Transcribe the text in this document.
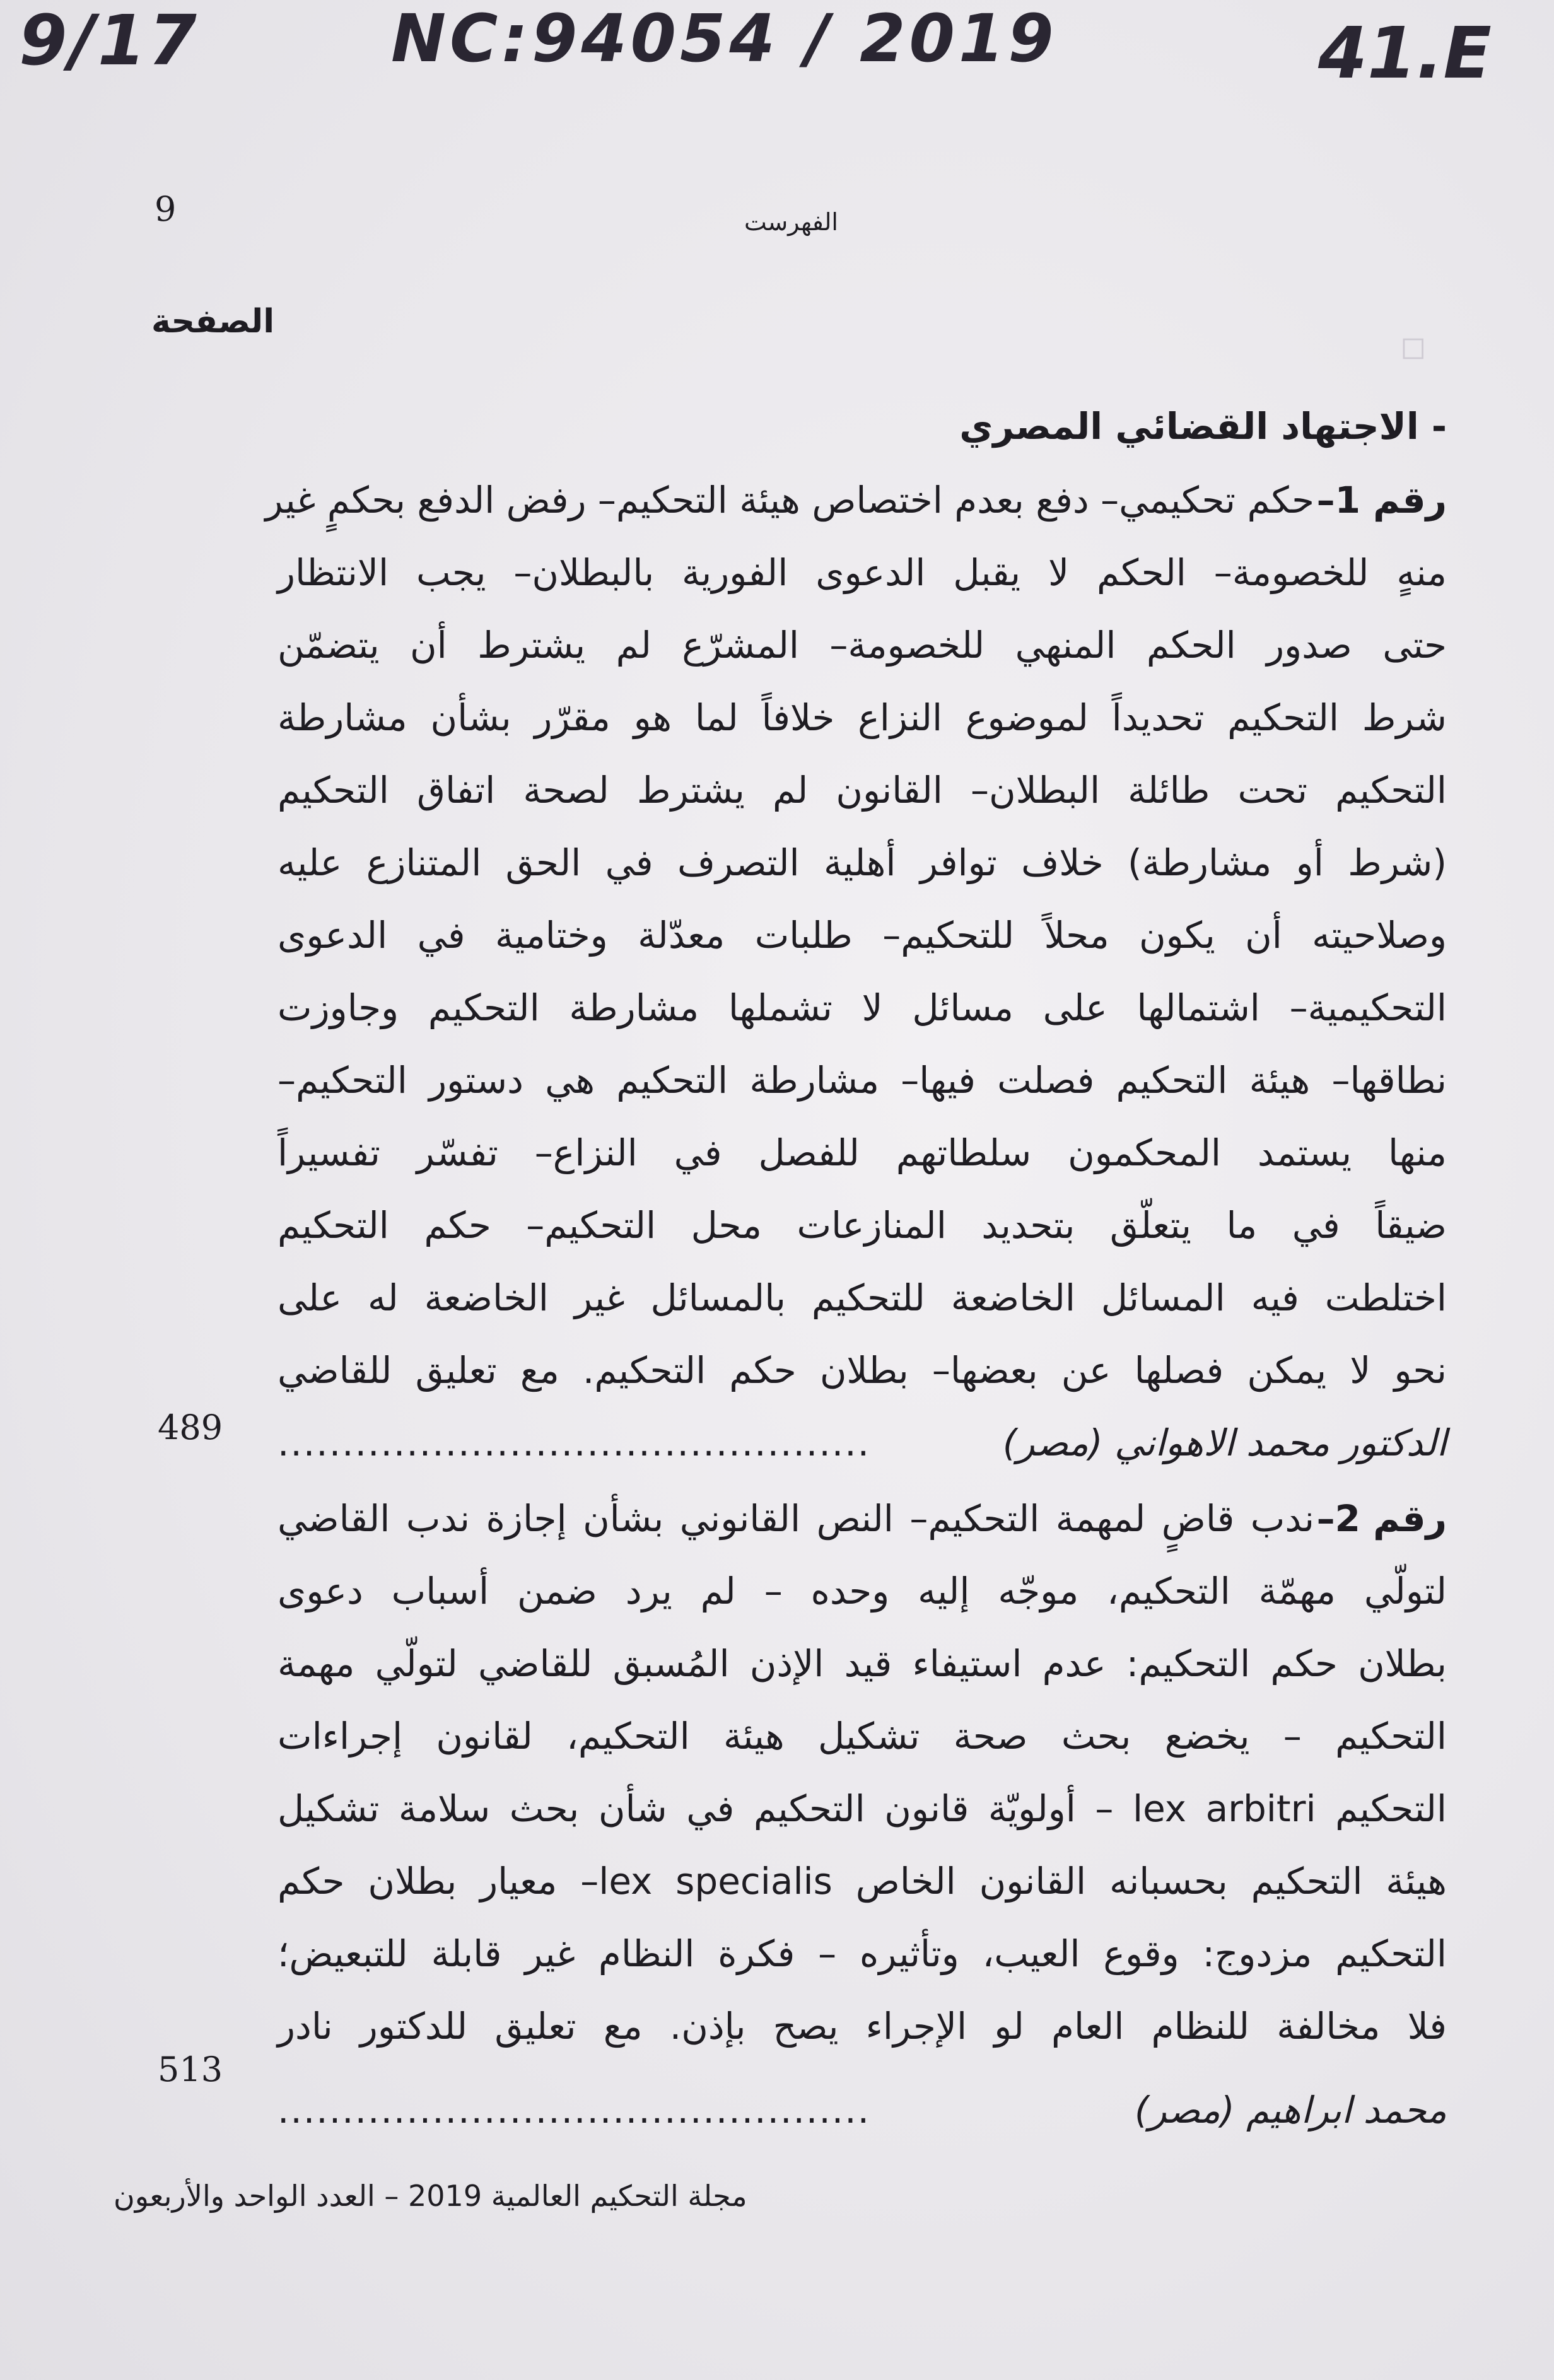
◻
9/17	NC:94054 / 2019	41.E
9	الفهرست
الصفحة
- الاجتهاد القضائي المصري
رقم 1–
حكم تحكيمي– دفع بعدم اختصاص هيئة التحكيم– رفض الدفع بحكمٍ غير
منهٍ للخصومة– الحكم لا يقبل الدعوى الفورية بالبطلان– يجب الانتظار
حتى صدور الحكم المنهي للخصومة– المشرّع لم يشترط أن يتضمّن
شرط التحكيم تحديداً لموضوع النزاع خلافاً لما هو مقرّر بشأن مشارطة
التحكيم تحت طائلة البطلان– القانون لم يشترط لصحة اتفاق التحكيم
(شرط أو مشارطة) خلاف توافر أهلية التصرف في الحق المتنازع عليه
وصلاحيته أن يكون محلاً للتحكيم– طلبات معدّلة وختامية في الدعوى
التحكيمية– اشتمالها على مسائل لا تشملها مشارطة التحكيم وجاوزت
نطاقها– هيئة التحكيم فصلت فيها– مشارطة التحكيم هي دستور التحكيم–
منها يستمد المحكمون سلطاتهم للفصل في النزاع– تفسّر تفسيراً
ضيقاً في ما يتعلّق بتحديد المنازعات محل التحكيم– حكم التحكيم
اختلطت فيه المسائل الخاضعة للتحكيم بالمسائل غير الخاضعة له على
نحو لا يمكن فصلها عن بعضها– بطلان حكم التحكيم. مع تعليق للقاضي
الدكتور محمد الاهواني (مصر)
..............................................
489
رقم 2–
ندب قاضٍ لمهمة التحكيم– النص القانوني بشأن إجازة ندب القاضي
لتولّي مهمّة التحكيم، موجّه إليه وحده – لم يرد ضمن أسباب دعوى
بطلان حكم التحكيم: عدم استيفاء قيد الإذن المُسبق للقاضي لتولّي مهمة
التحكيم – يخضع بحث صحة تشكيل هيئة التحكيم، لقانون إجراءات
التحكيم lex arbitri – أولويّة قانون التحكيم في شأن بحث سلامة تشكيل
هيئة التحكيم بحسبانه القانون الخاص lex specialis– معيار بطلان حكم
التحكيم مزدوج: وقوع العيب، وتأثيره – فكرة النظام غير قابلة للتبعيض؛
فلا مخالفة للنظام العام لو الإجراء يصح بإذن. مع تعليق للدكتور نادر
محمد ابراهيم (مصر)
..............................................
513
مجلة التحكيم العالمية 2019 – العدد الواحد والأربعون
